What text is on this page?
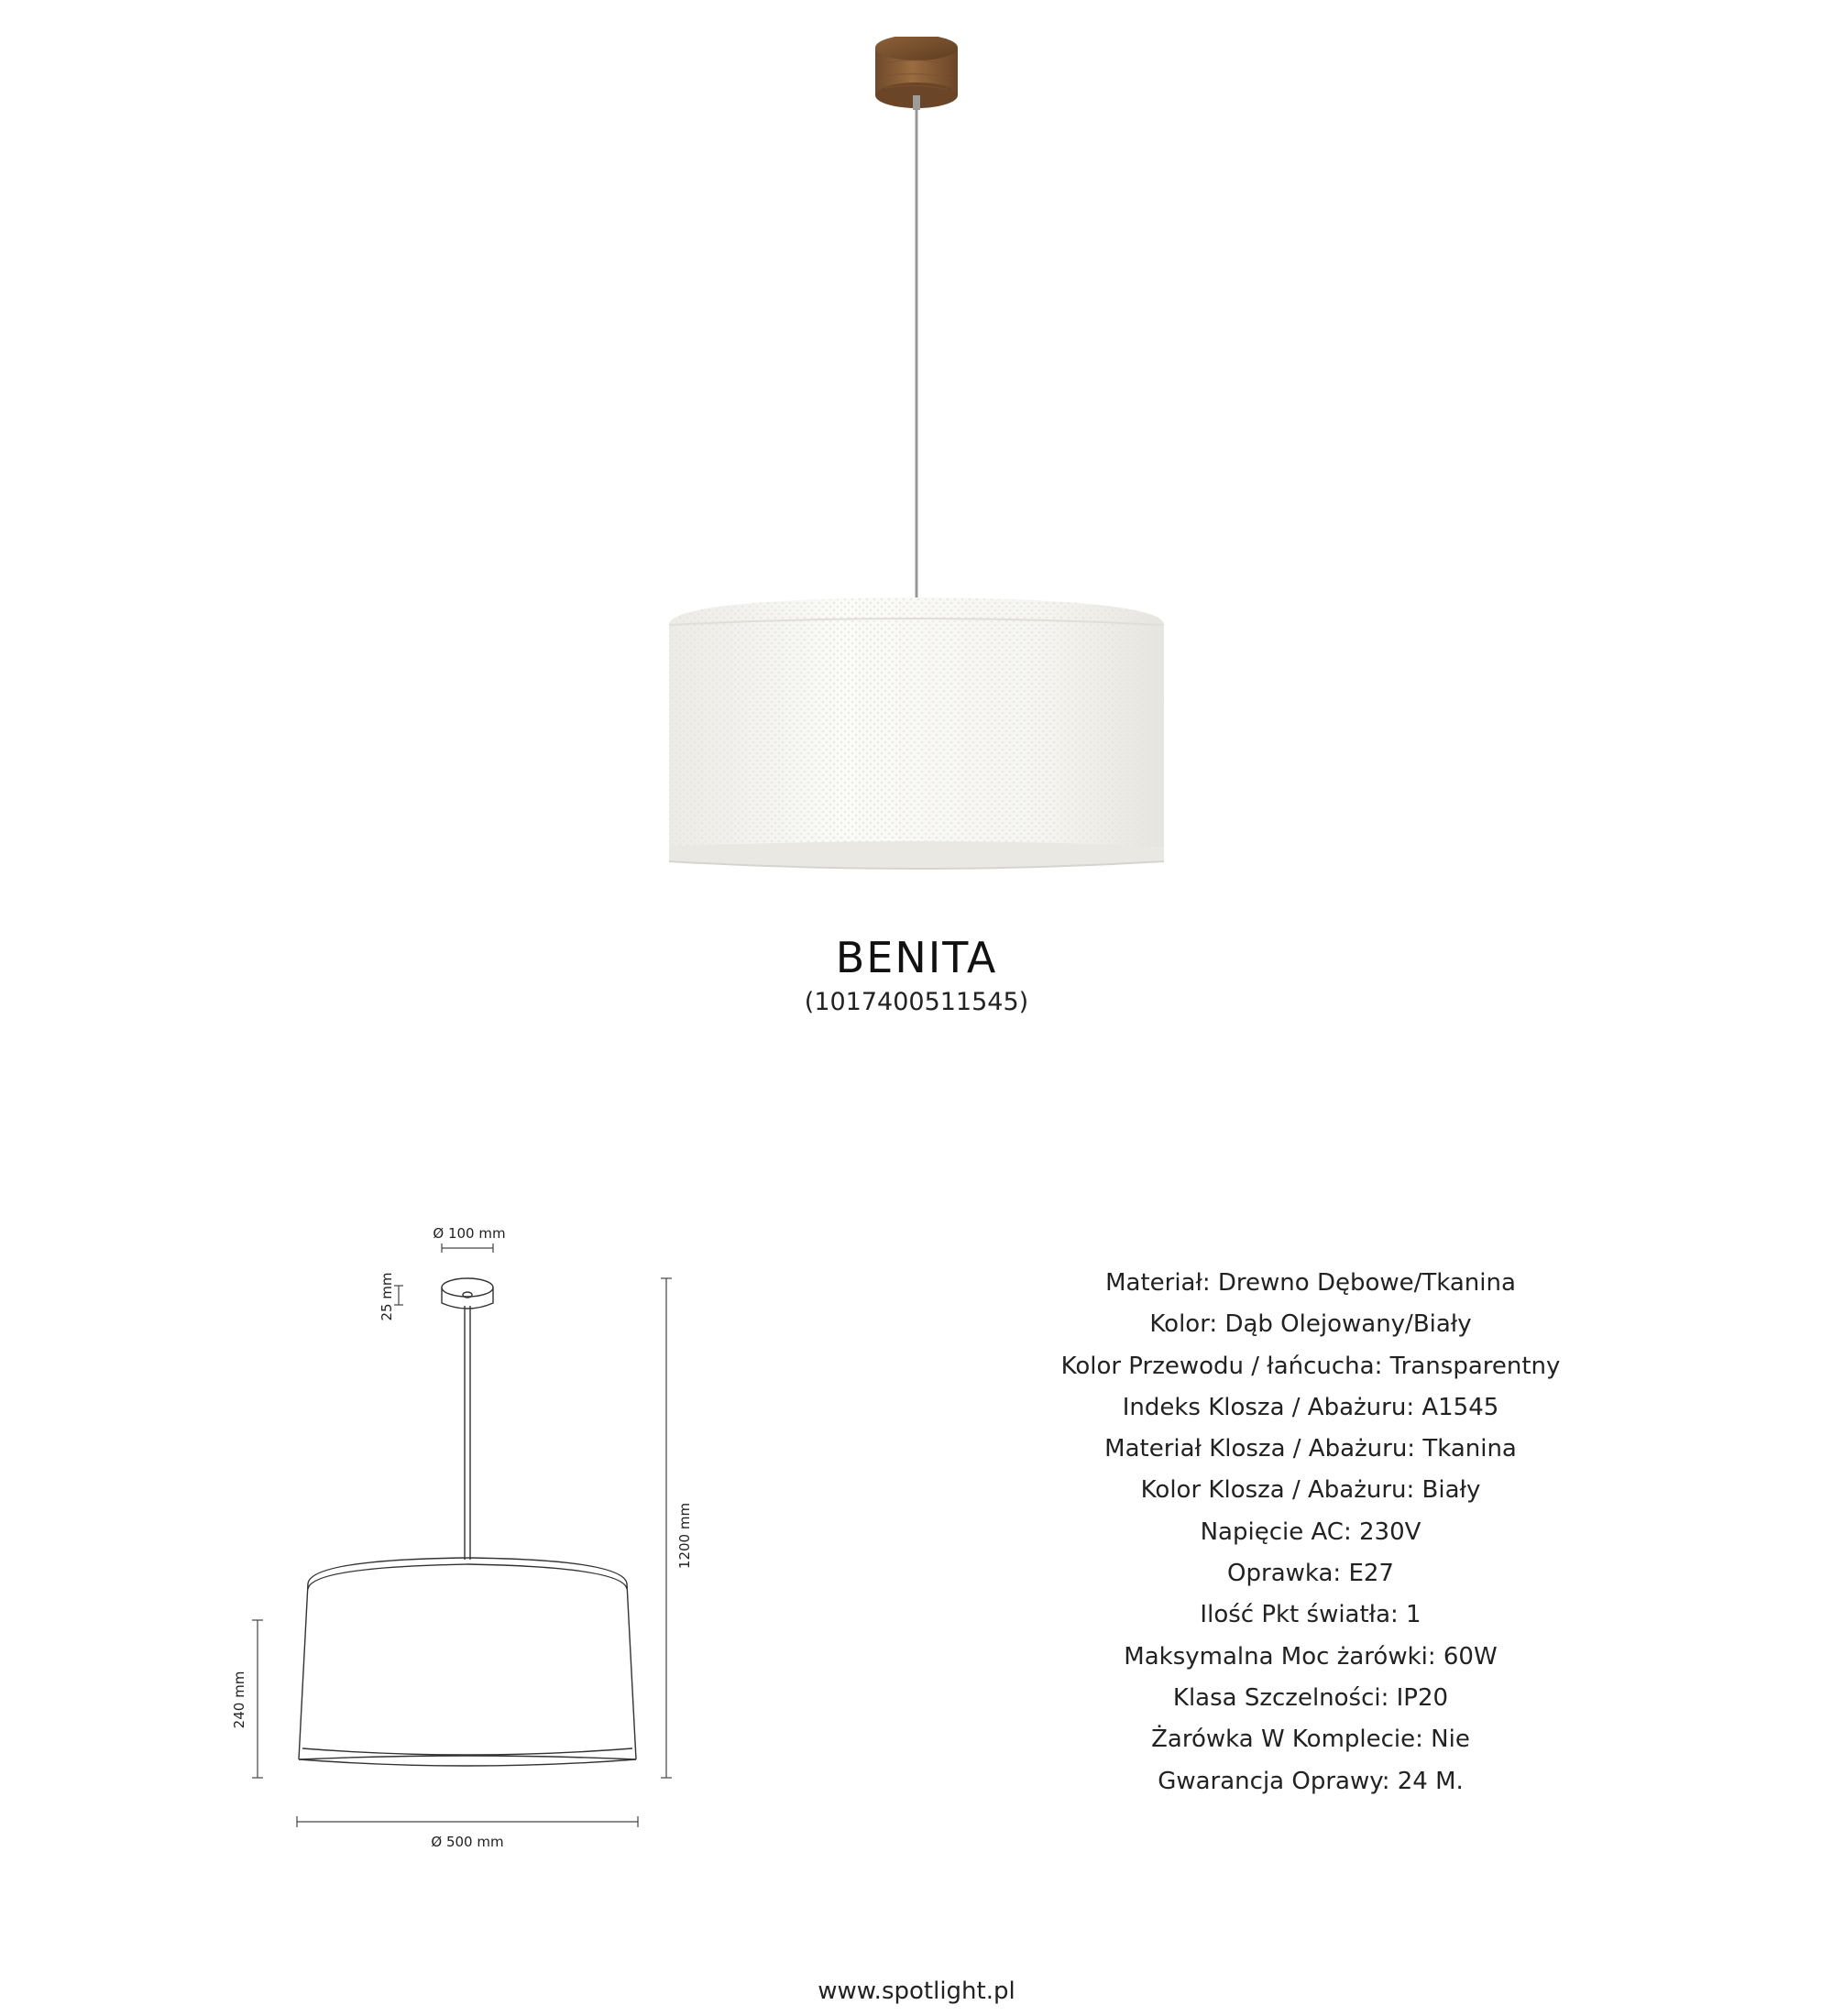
BENITA
(1017400511545)
Ø 100 mm
25 mm
1200 mm
240 mm
Ø 500 mm
Materiał: Drewno Dębowe/Tkanina
Kolor: Dąb Olejowany/Biały
Kolor Przewodu / łańcucha: Transparentny
Indeks Klosza / Abażuru: A1545
Materiał Klosza / Abażuru: Tkanina
Kolor Klosza / Abażuru: Biały
Napięcie AC: 230V
Oprawka: E27
Ilość Pkt światła: 1
Maksymalna Moc żarówki: 60W
Klasa Szczelności: IP20
Żarówka W Komplecie: Nie
Gwarancja Oprawy: 24 M.
www.spotlight.pl
